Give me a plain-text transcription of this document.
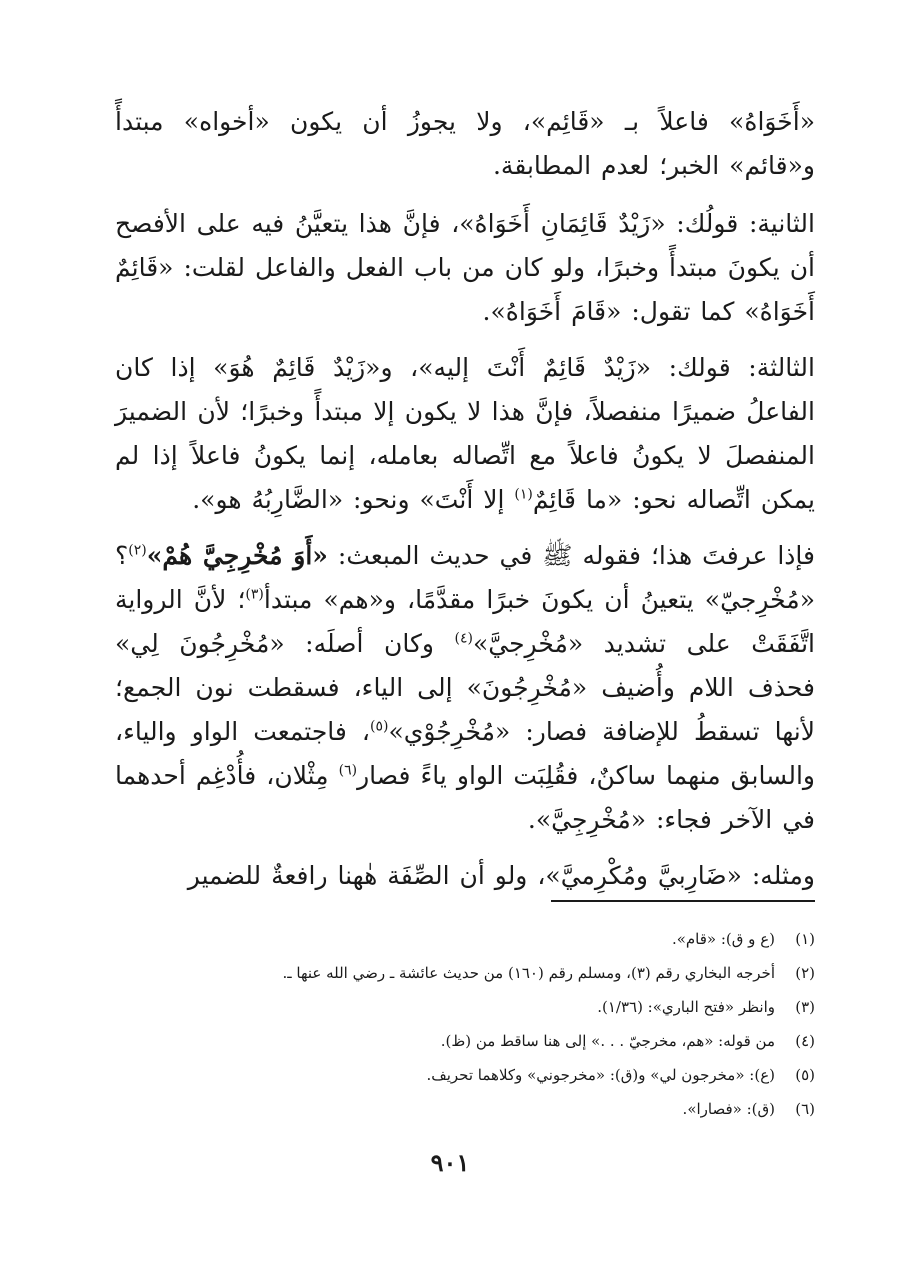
«أَخَوَاهُ» فاعلاً بـ «قَائِم»، ولا يجوزُ أن يكون «أخواه» مبتدأً و«قائم» الخبر؛ لعدم المطابقة.

الثانية: قولُك: «زَيْدٌ قَائِمَانِ أَخَوَاهُ»، فإنَّ هذا يتعيَّنُ فيه على الأفصح أن يكونَ مبتدأً وخبرًا، ولو كان من باب الفعل والفاعل لقلت: «قَائِمٌ أَخَوَاهُ» كما تقول: «قَامَ أَخَوَاهُ».

الثالثة: قولك: «زَيْدٌ قَائِمٌ أَنْتَ إليه»، و«زَيْدٌ قَائِمٌ هُوَ» إذا كان الفاعلُ ضميرًا منفصلاً، فإنَّ هذا لا يكون إلا مبتدأً وخبرًا؛ لأن الضميرَ المنفصلَ لا يكونُ فاعلاً مع اتِّصاله بعامله، إنما يكونُ فاعلاً إذا لم يمكن اتِّصاله نحو: «ما قَائِمٌ$^{(١)}$ إلا أَنْتَ» ونحو: «الضَّارِبُهُ هو».

فإذا عرفتَ هذا؛ فقوله ﷺ في حديث المبعث: «أَوَ مُخْرِجِيَّ هُمْ»$^{(٢)}$؟ «مُخْرِجيّ» يتعينُ أن يكونَ خبرًا مقدَّمًا، و«هم» مبتدأ$^{(٣)}$؛ لأنَّ الرواية اتَّفَقَتْ على تشديد «مُخْرِجيَّ»$^{(٤)}$ وكان أصلَه: «مُخْرِجُونَ لِي» فحذف اللام وأُضيف «مُخْرِجُونَ» إلى الياء، فسقطت نون الجمع؛ لأنها تسقطُ للإضافة فصار: «مُخْرِجُوْي»$^{(٥)}$، فاجتمعت الواو والياء، والسابق منهما ساكنٌ، فقُلِبَت الواو ياءً فصار$^{(٦)}$ مِثْلان، فأُدْغِم أحدهما في الآخر فجاء: «مُخْرِجِيَّ».

ومثله: «ضَارِبيَّ ومُكْرِميَّ»، ولو أن الصِّفَة هٰهنا رافعةٌ للضمير

(١)
(ع و ق): «قام».
(٢)
أخرجه البخاري رقم (٣)، ومسلم رقم (١٦٠) من حديث عائشة ـ رضي الله عنها ـ.
(٣)
وانظر «فتح الباري»: (١/٣٦).
(٤)
من قوله: «هم، مخرجيّ . . .» إلى هنا ساقط من (ظ).
(٥)
(ع): «مخرجون لي» و(ق): «مخرجوني» وكلاهما تحريف.
(٦)
(ق): «فصارا».
٩٠١
